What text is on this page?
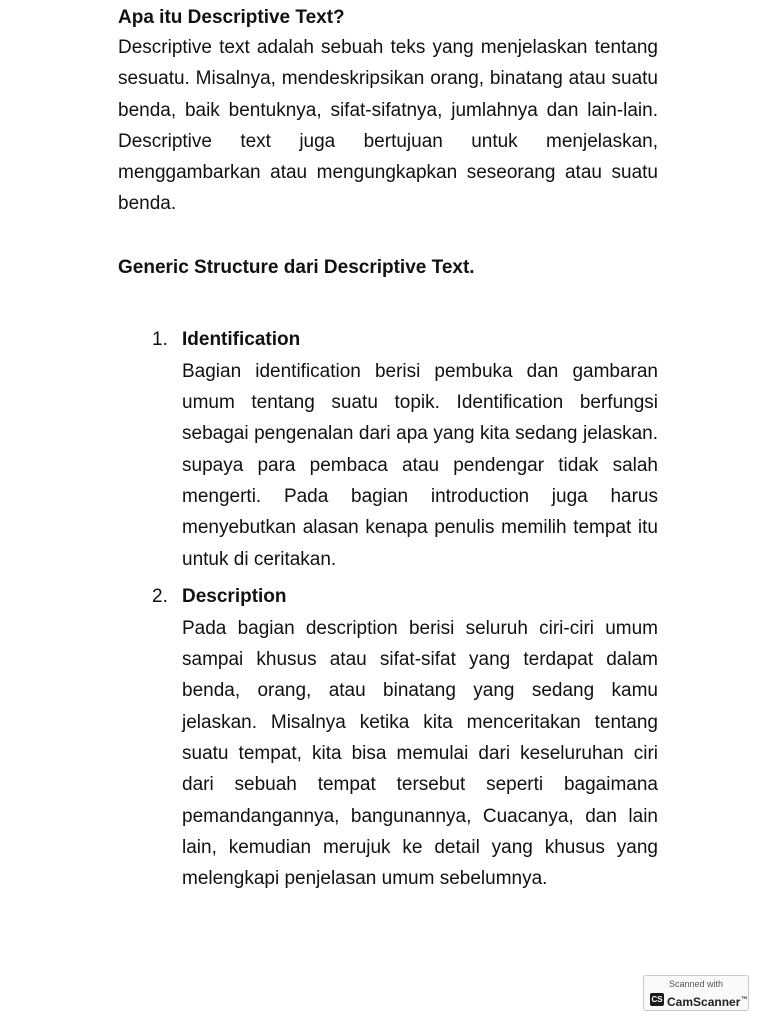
Apa itu Descriptive Text?

Descriptive text adalah sebuah teks yang menjelaskan tentang sesuatu. Misalnya, mendeskripsikan orang, binatang atau suatu benda, baik bentuknya, sifat-sifatnya, jumlahnya dan lain-lain. Descriptive text juga bertujuan untuk menjelaskan, menggambarkan atau mengungkapkan seseorang atau suatu benda.

Generic Structure dari Descriptive Text.
1. Identification

Bagian identification berisi pembuka dan gambaran umum tentang suatu topik. Identification berfungsi sebagai pengenalan dari apa yang kita sedang jelaskan. supaya para pembaca atau pendengar tidak salah mengerti. Pada bagian introduction juga harus menyebutkan alasan kenapa penulis memilih tempat itu untuk di ceritakan.

2. Description

Pada bagian description berisi seluruh ciri-ciri umum sampai khusus atau sifat-sifat yang terdapat dalam benda, orang, atau binatang yang sedang kamu jelaskan. Misalnya ketika kita menceritakan tentang suatu tempat, kita bisa memulai dari keseluruhan ciri dari sebuah tempat tersebut seperti bagaimana pemandangannya, bangunannya, Cuacanya, dan lain lain, kemudian merujuk ke detail yang khusus yang melengkapi penjelasan umum sebelumnya.

Scanned with
CS CamScanner™
